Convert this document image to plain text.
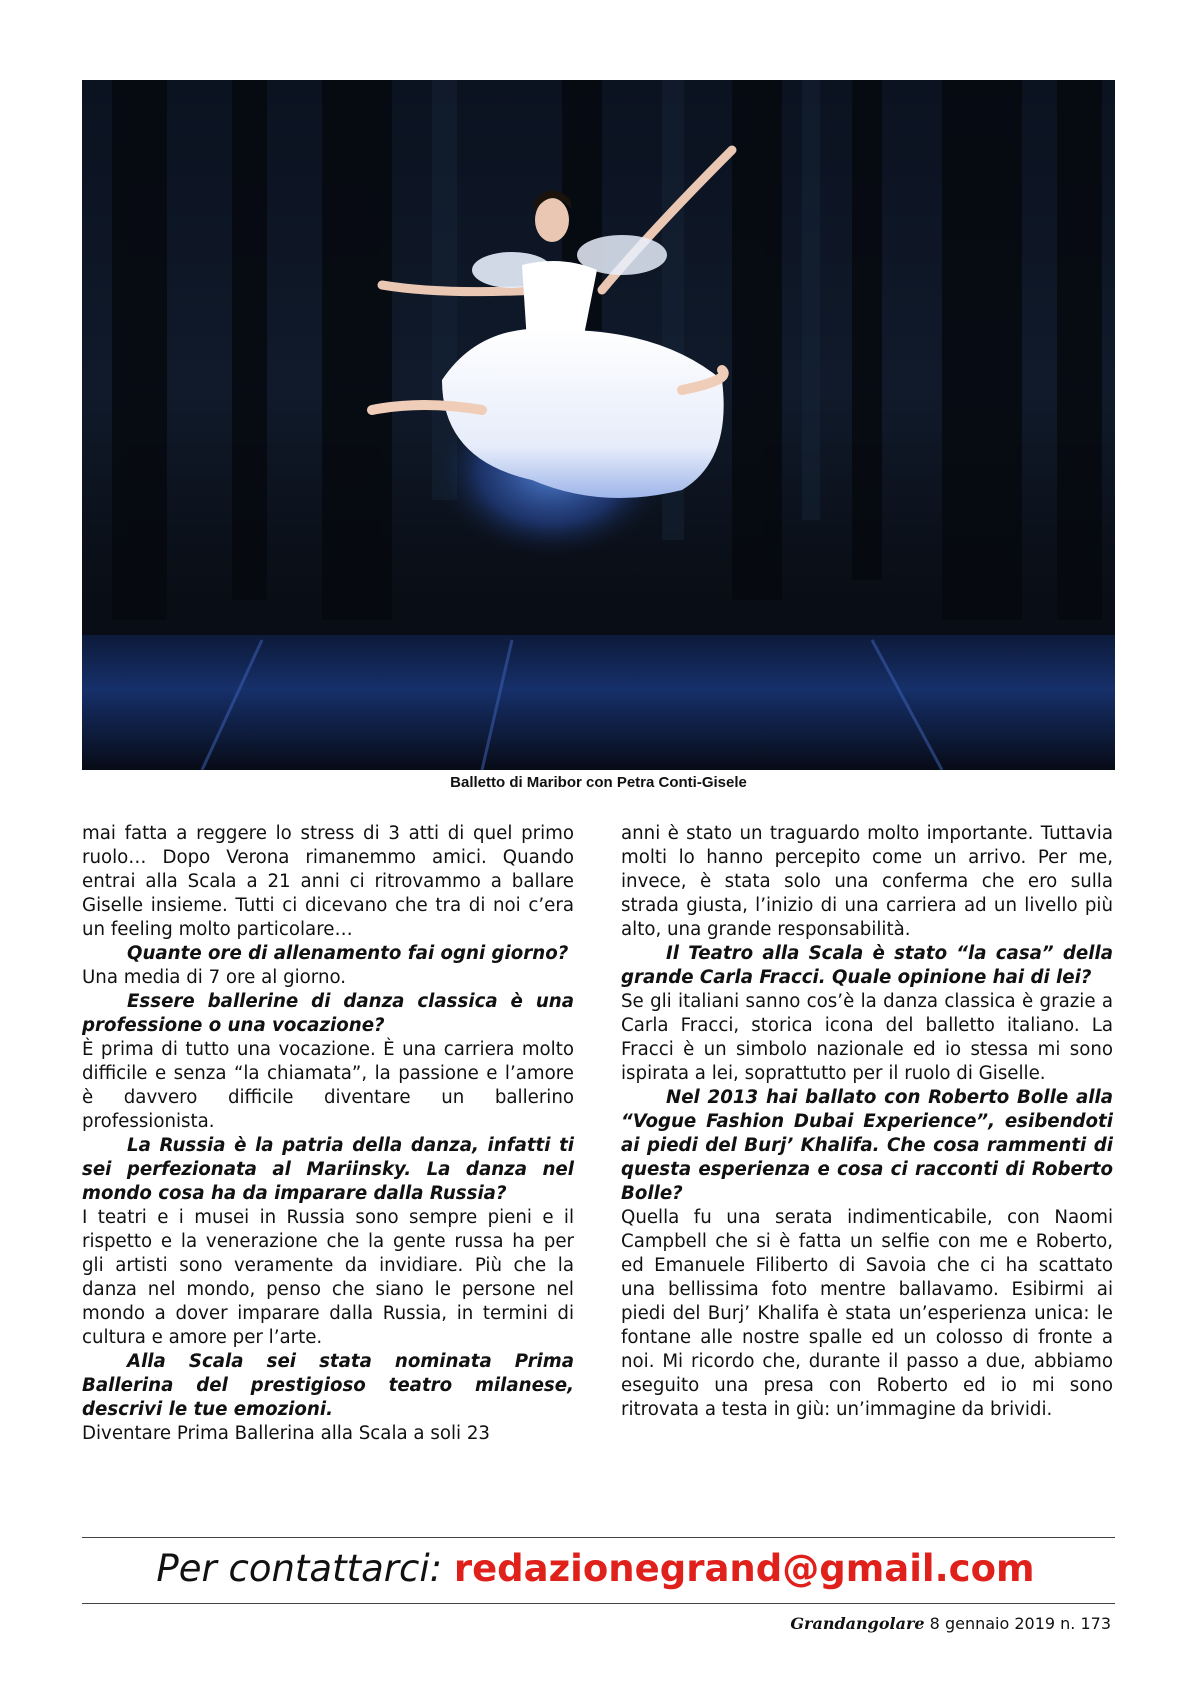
Balletto di Maribor con Petra Conti-Gisele

mai fatta a reggere lo stress di 3 atti di quel primo ruolo… Dopo Verona rimanemmo amici. Quando entrai alla Scala a 21 anni ci ritrovammo a ballare Giselle insieme. Tutti ci dicevano che tra di noi c’era un feeling molto particolare…

Quante ore di allenamento fai ogni giorno?

Una media di 7 ore al giorno.

Essere ballerine di danza classica è una professione o una vocazione?

È prima di tutto una vocazione. È una carriera molto difficile e senza “la chiamata”, la passione e l’amore è davvero difficile diventare un ballerino professionista.

La Russia è la patria della danza, infatti ti sei perfezionata al Mariinsky. La danza nel mondo cosa ha da imparare dalla Russia?

I teatri e i musei in Russia sono sempre pieni e il rispetto e la venerazione che la gente russa ha per gli artisti sono veramente da invidiare. Più che la danza nel mondo, penso che siano le persone nel mondo a dover imparare dalla Russia, in termini di cultura e amore per l’arte.

Alla Scala sei stata nominata Prima Ballerina del prestigioso teatro milanese, descrivi le tue emozioni.

Diventare Prima Ballerina alla Scala a soli 23

anni è stato un traguardo molto importante. Tuttavia molti lo hanno percepito come un arrivo. Per me, invece, è stata solo una conferma che ero sulla strada giusta, l’inizio di una carriera ad un livello più alto, una grande responsabilità.

Il Teatro alla Scala è stato “la casa” della grande Carla Fracci. Quale opinione hai di lei?

Se gli italiani sanno cos’è la danza classica è grazie a Carla Fracci, storica icona del balletto italiano. La Fracci è un simbolo nazionale ed io stessa mi sono ispirata a lei, soprattutto per il ruolo di Giselle.

Nel 2013 hai ballato con Roberto Bolle alla “Vogue Fashion Dubai Experience”, esibendoti ai piedi del Burj’ Khalifa. Che cosa rammenti di questa esperienza e cosa ci racconti di Roberto Bolle?

Quella fu una serata indimenticabile, con Naomi Campbell che si è fatta un selfie con me e Roberto, ed Emanuele Filiberto di Savoia che ci ha scattato una bellissima foto mentre ballavamo. Esibirmi ai piedi del Burj’ Khalifa è stata un’esperienza unica: le fontane alle nostre spalle ed un colosso di fronte a noi. Mi ricordo che, durante il passo a due, abbiamo eseguito una presa con Roberto ed io mi sono ritrovata a testa in giù: un’immagine da brividi.

Per contattarci: redazionegrand@gmail.com
Grandangolare 8 gennaio 2019 n. 173
